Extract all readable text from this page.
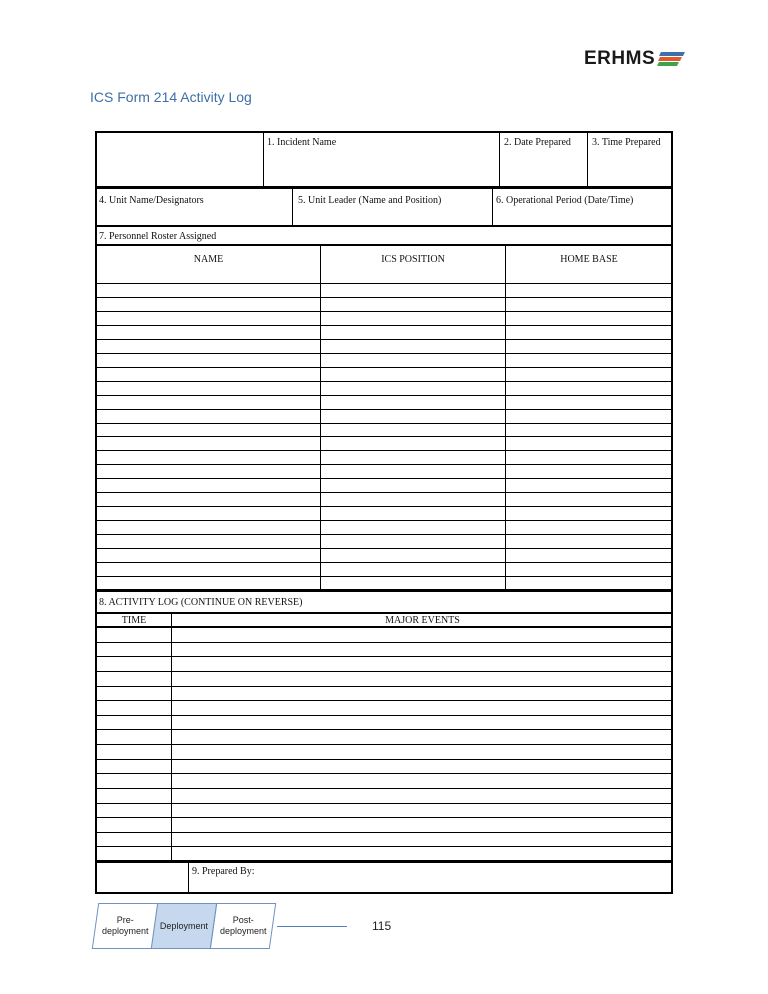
ERHMS
ICS Form 214 Activity Log
1. Incident Name	2. Date Prepared 3. Time Prepared
4. Unit Name/Designators	5. Unit Leader (Name and Position)	6. Operational Period (Date/Time)
7. Personnel Roster Assigned
NAME	ICS POSITION	HOME BASE
8. ACTIVITY LOG (CONTINUE ON REVERSE)
TIME	MAJOR EVENTS
9. Prepared By:
Pre-
deployment
Deployment
Post-
deployment	115
